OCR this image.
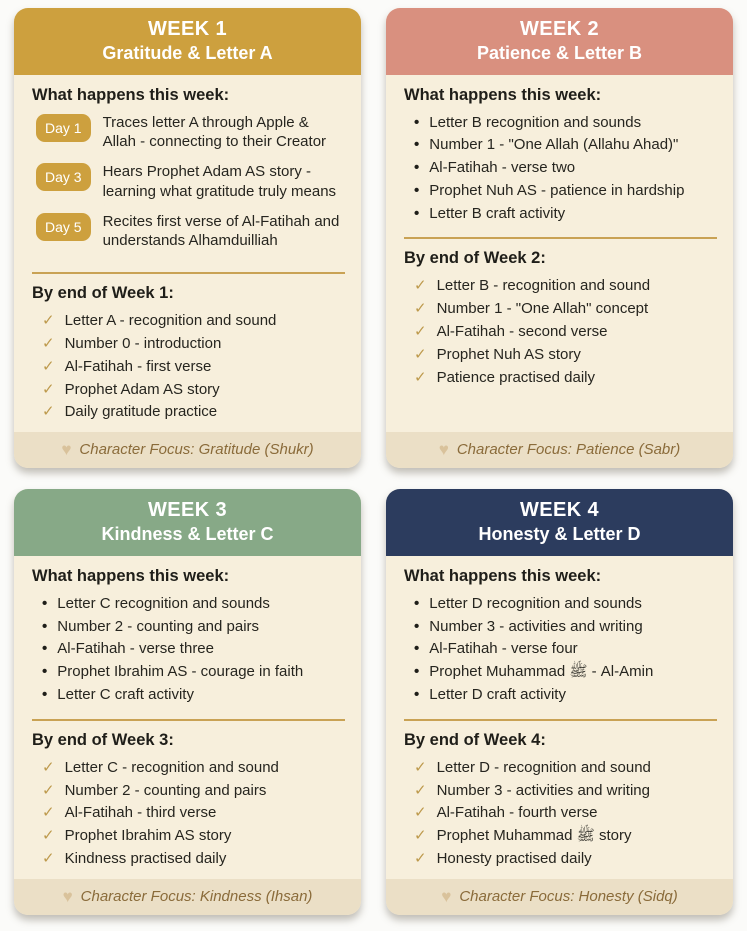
WEEK 1
Gratitude & Letter A
What happens this week:
Day 1	Traces letter A through Apple & Allah - connecting to their Creator
Day 3	Hears Prophet Adam AS story - learning what gratitude truly means
Day 5	Recites first verse of Al-Fatihah and understands Alhamduilliah
By end of Week 1:
✓ Letter A - recognition and sound
✓ Number 0 - introduction
✓ Al-Fatihah - first verse
✓ Prophet Adam AS story
✓ Daily gratitude practice
♥ Character Focus: Gratitude (Shukr)
WEEK 2
Patience & Letter B
What happens this week:
• Letter B recognition and sounds
• Number 1 - "One Allah (Allahu Ahad)"
• Al-Fatihah - verse two
• Prophet Nuh AS - patience in hardship
• Letter B craft activity
By end of Week 2:
✓ Letter B - recognition and sound
✓ Number 1 - "One Allah" concept
✓ Al-Fatihah - second verse
✓ Prophet Nuh AS story
✓ Patience practised daily
♥ Character Focus: Patience (Sabr)
WEEK 3
Kindness & Letter C
What happens this week:
• Letter C recognition and sounds
• Number 2 - counting and pairs
• Al-Fatihah - verse three
• Prophet Ibrahim AS - courage in faith
• Letter C craft activity
By end of Week 3:
✓ Letter C - recognition and sound
✓ Number 2 - counting and pairs
✓ Al-Fatihah - third verse
✓ Prophet Ibrahim AS story
✓ Kindness practised daily
♥ Character Focus: Kindness (Ihsan)
WEEK 4
Honesty & Letter D
What happens this week:
• Letter D recognition and sounds
• Number 3 - activities and writing
• Al-Fatihah - verse four
• Prophet Muhammad ﷺ - Al-Amin
• Letter D craft activity
By end of Week 4:
✓ Letter D - recognition and sound
✓ Number 3 - activities and writing
✓ Al-Fatihah - fourth verse
✓ Prophet Muhammad ﷺ story
✓ Honesty practised daily
♥ Character Focus: Honesty (Sidq)
